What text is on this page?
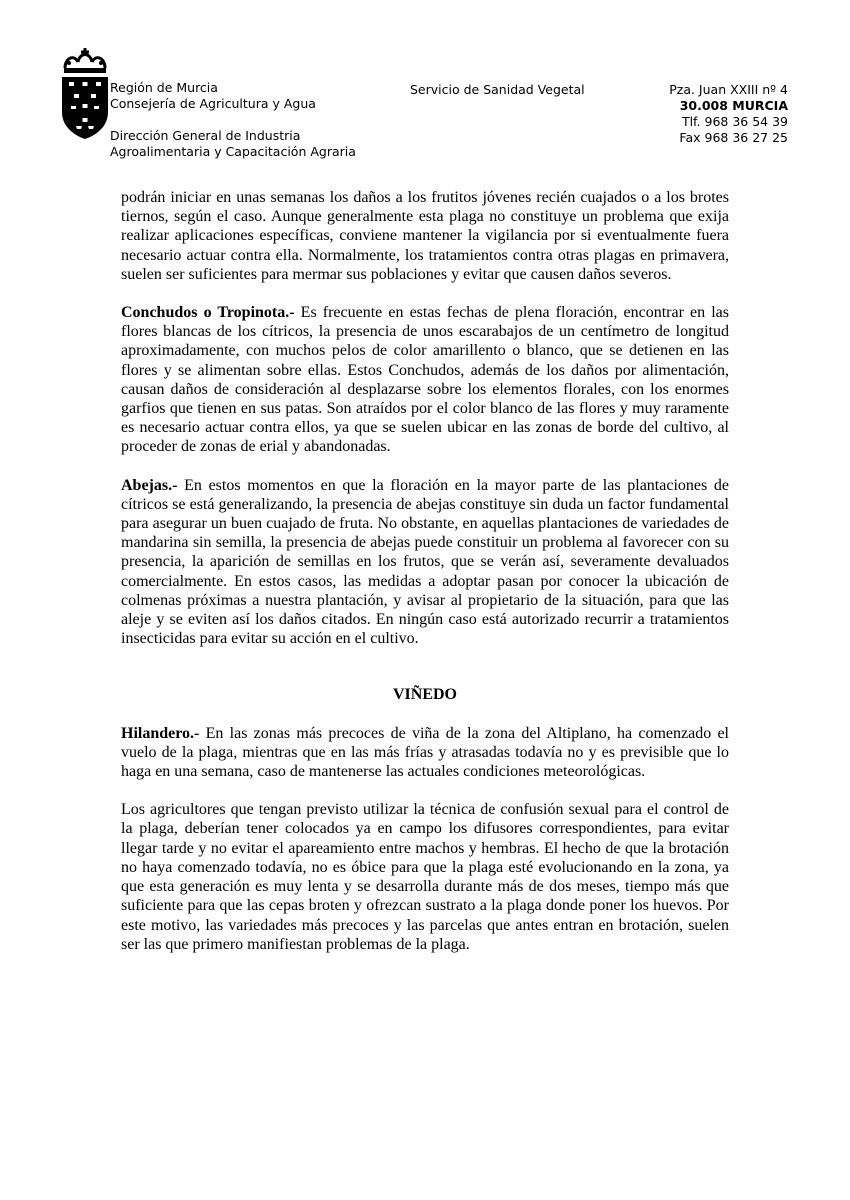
Región de Murcia
Consejería de Agricultura y Agua
Dirección General de Industria
Agroalimentaria y Capacitación Agraria
Servicio de Sanidad Vegetal	Pza. Juan XXIII nº 4
30.008 MURCIA
Tlf. 968 36 54 39
Fax 968 36 27 25

podrán iniciar en unas semanas los daños a los frutitos jóvenes recién cuajados o a los brotes tiernos, según el caso. Aunque generalmente esta plaga no constituye un problema que exija realizar aplicaciones específicas, conviene mantener la vigilancia por si eventualmente fuera necesario actuar contra ella. Normalmente, los tratamientos contra otras plagas en primavera, suelen ser suficientes para mermar sus poblaciones y evitar que causen daños severos.

Conchudos o Tropinota.- Es frecuente en estas fechas de plena floración, encontrar en las flores blancas de los cítricos, la presencia de unos escarabajos de un centímetro de longitud aproximadamente, con muchos pelos de color amarillento o blanco, que se detienen en las flores y se alimentan sobre ellas. Estos Conchudos, además de los daños por alimentación, causan daños de consideración al desplazarse sobre los elementos florales, con los enormes garfios que tienen en sus patas. Son atraídos por el color blanco de las flores y muy raramente es necesario actuar contra ellos, ya que se suelen ubicar en las zonas de borde del cultivo, al proceder de zonas de erial y abandonadas.

Abejas.- En estos momentos en que la floración en la mayor parte de las plantaciones de cítricos se está generalizando, la presencia de abejas constituye sin duda un factor fundamental para asegurar un buen cuajado de fruta. No obstante, en aquellas plantaciones de variedades de mandarina sin semilla, la presencia de abejas puede constituir un problema al favorecer con su presencia, la aparición de semillas en los frutos, que se verán así, severamente devaluados comercialmente. En estos casos, las medidas a adoptar pasan por conocer la ubicación de colmenas próximas a nuestra plantación, y avisar al propietario de la situación, para que las aleje y se eviten así los daños citados. En ningún caso está autorizado recurrir a tratamientos insecticidas para evitar su acción en el cultivo.

VIÑEDO

Hilandero.- En las zonas más precoces de viña de la zona del Altiplano, ha comenzado el vuelo de la plaga, mientras que en las más frías y atrasadas todavía no y es previsible que lo haga en una semana, caso de mantenerse las actuales condiciones meteorológicas.

Los agricultores que tengan previsto utilizar la técnica de confusión sexual para el control de la plaga, deberían tener colocados ya en campo los difusores correspondientes, para evitar llegar tarde y no evitar el apareamiento entre machos y hembras. El hecho de que la brotación no haya comenzado todavía, no es óbice para que la plaga esté evolucionando en la zona, ya que esta generación es muy lenta y se desarrolla durante más de dos meses, tiempo más que suficiente para que las cepas broten y ofrezcan sustrato a la plaga donde poner los huevos. Por este motivo, las variedades más precoces y las parcelas que antes entran en brotación, suelen ser las que primero manifiestan problemas de la plaga.
